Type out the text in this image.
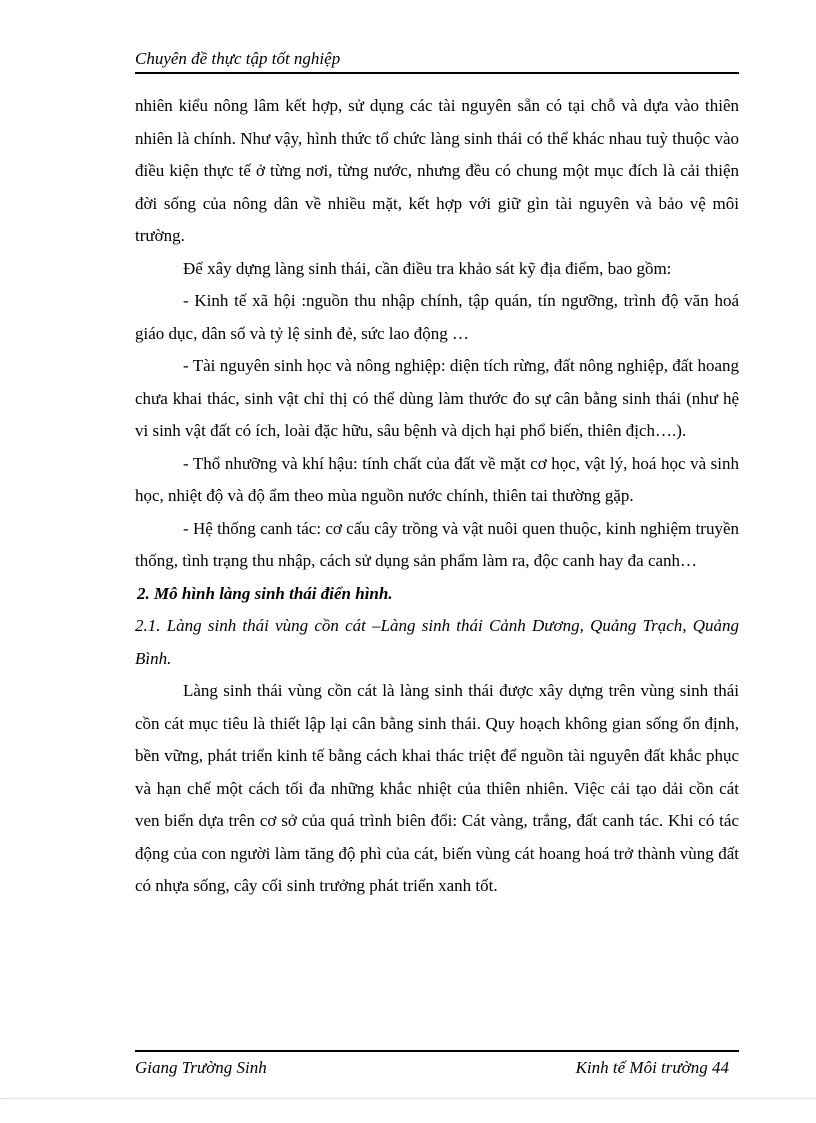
Chuyên đề thực tập tốt nghiệp

nhiên kiểu nông lâm kết hợp, sử dụng các tài nguyên sẵn có tại chỗ và dựa vào thiên nhiên là chính. Như vậy, hình thức tổ chức làng sinh thái có thể khác nhau tuỳ thuộc vào điều kiện thực tế ở từng nơi, từng nước, nhưng đều có chung một mục đích là cải thiện đời sống của nông dân về nhiều mặt, kết hợp với giữ gìn tài nguyên và bảo vệ môi trường.

Để xây dựng làng sinh thái, cần điều tra khảo sát kỹ địa điểm, bao gồm:

- Kinh tế xã hội :nguồn thu nhập chính, tập quán, tín ngưỡng, trình độ văn hoá giáo dục, dân số và tỷ lệ sinh đẻ, sức lao động …

- Tài nguyên sinh học và nông nghiệp: diện tích rừng, đất nông nghiệp, đất hoang chưa khai thác, sinh vật chỉ thị có thể dùng làm thước đo sự cân bằng sinh thái (như hệ vi sinh vật đất có ích, loài đặc hữu, sâu bệnh và dịch hại phổ biến, thiên địch….).

- Thổ nhưỡng và khí hậu: tính chất của đất về mặt cơ học, vật lý, hoá học và sinh học, nhiệt độ và độ ẩm theo mùa nguồn nước chính, thiên tai thường gặp.

- Hệ thống canh tác: cơ cấu cây trồng và vật nuôi quen thuộc, kinh nghiệm truyền thống, tình trạng thu nhập, cách sử dụng sản phẩm làm ra, độc canh hay đa canh…

2. Mô hình làng sinh thái điển hình.

2.1. Làng sinh thái vùng cồn cát –Làng sinh thái Cảnh Dương, Quảng Trạch, Quảng Bình.

Làng sinh thái vùng cồn cát là làng sinh thái được xây dựng trên vùng sinh thái cồn cát mục tiêu là thiết lập lại cân bằng sinh thái. Quy hoạch không gian sống ổn định, bền vững, phát triển kinh tế bằng cách khai thác triệt để nguồn tài nguyên đất khắc phục và hạn chế một cách tối đa những khắc nhiệt của thiên nhiên. Việc cải tạo dải cồn cát ven biển dựa trên cơ sở của quá trình biên đổi: Cát vàng, trắng, đất canh tác. Khi có tác động của con người làm tăng độ phì của cát, biến vùng cát hoang hoá trở thành vùng đất có nhựa sống, cây cối sinh trưởng phát triển xanh tốt.

Giang Trường Sinh	Kinh tế Môi trường 44
